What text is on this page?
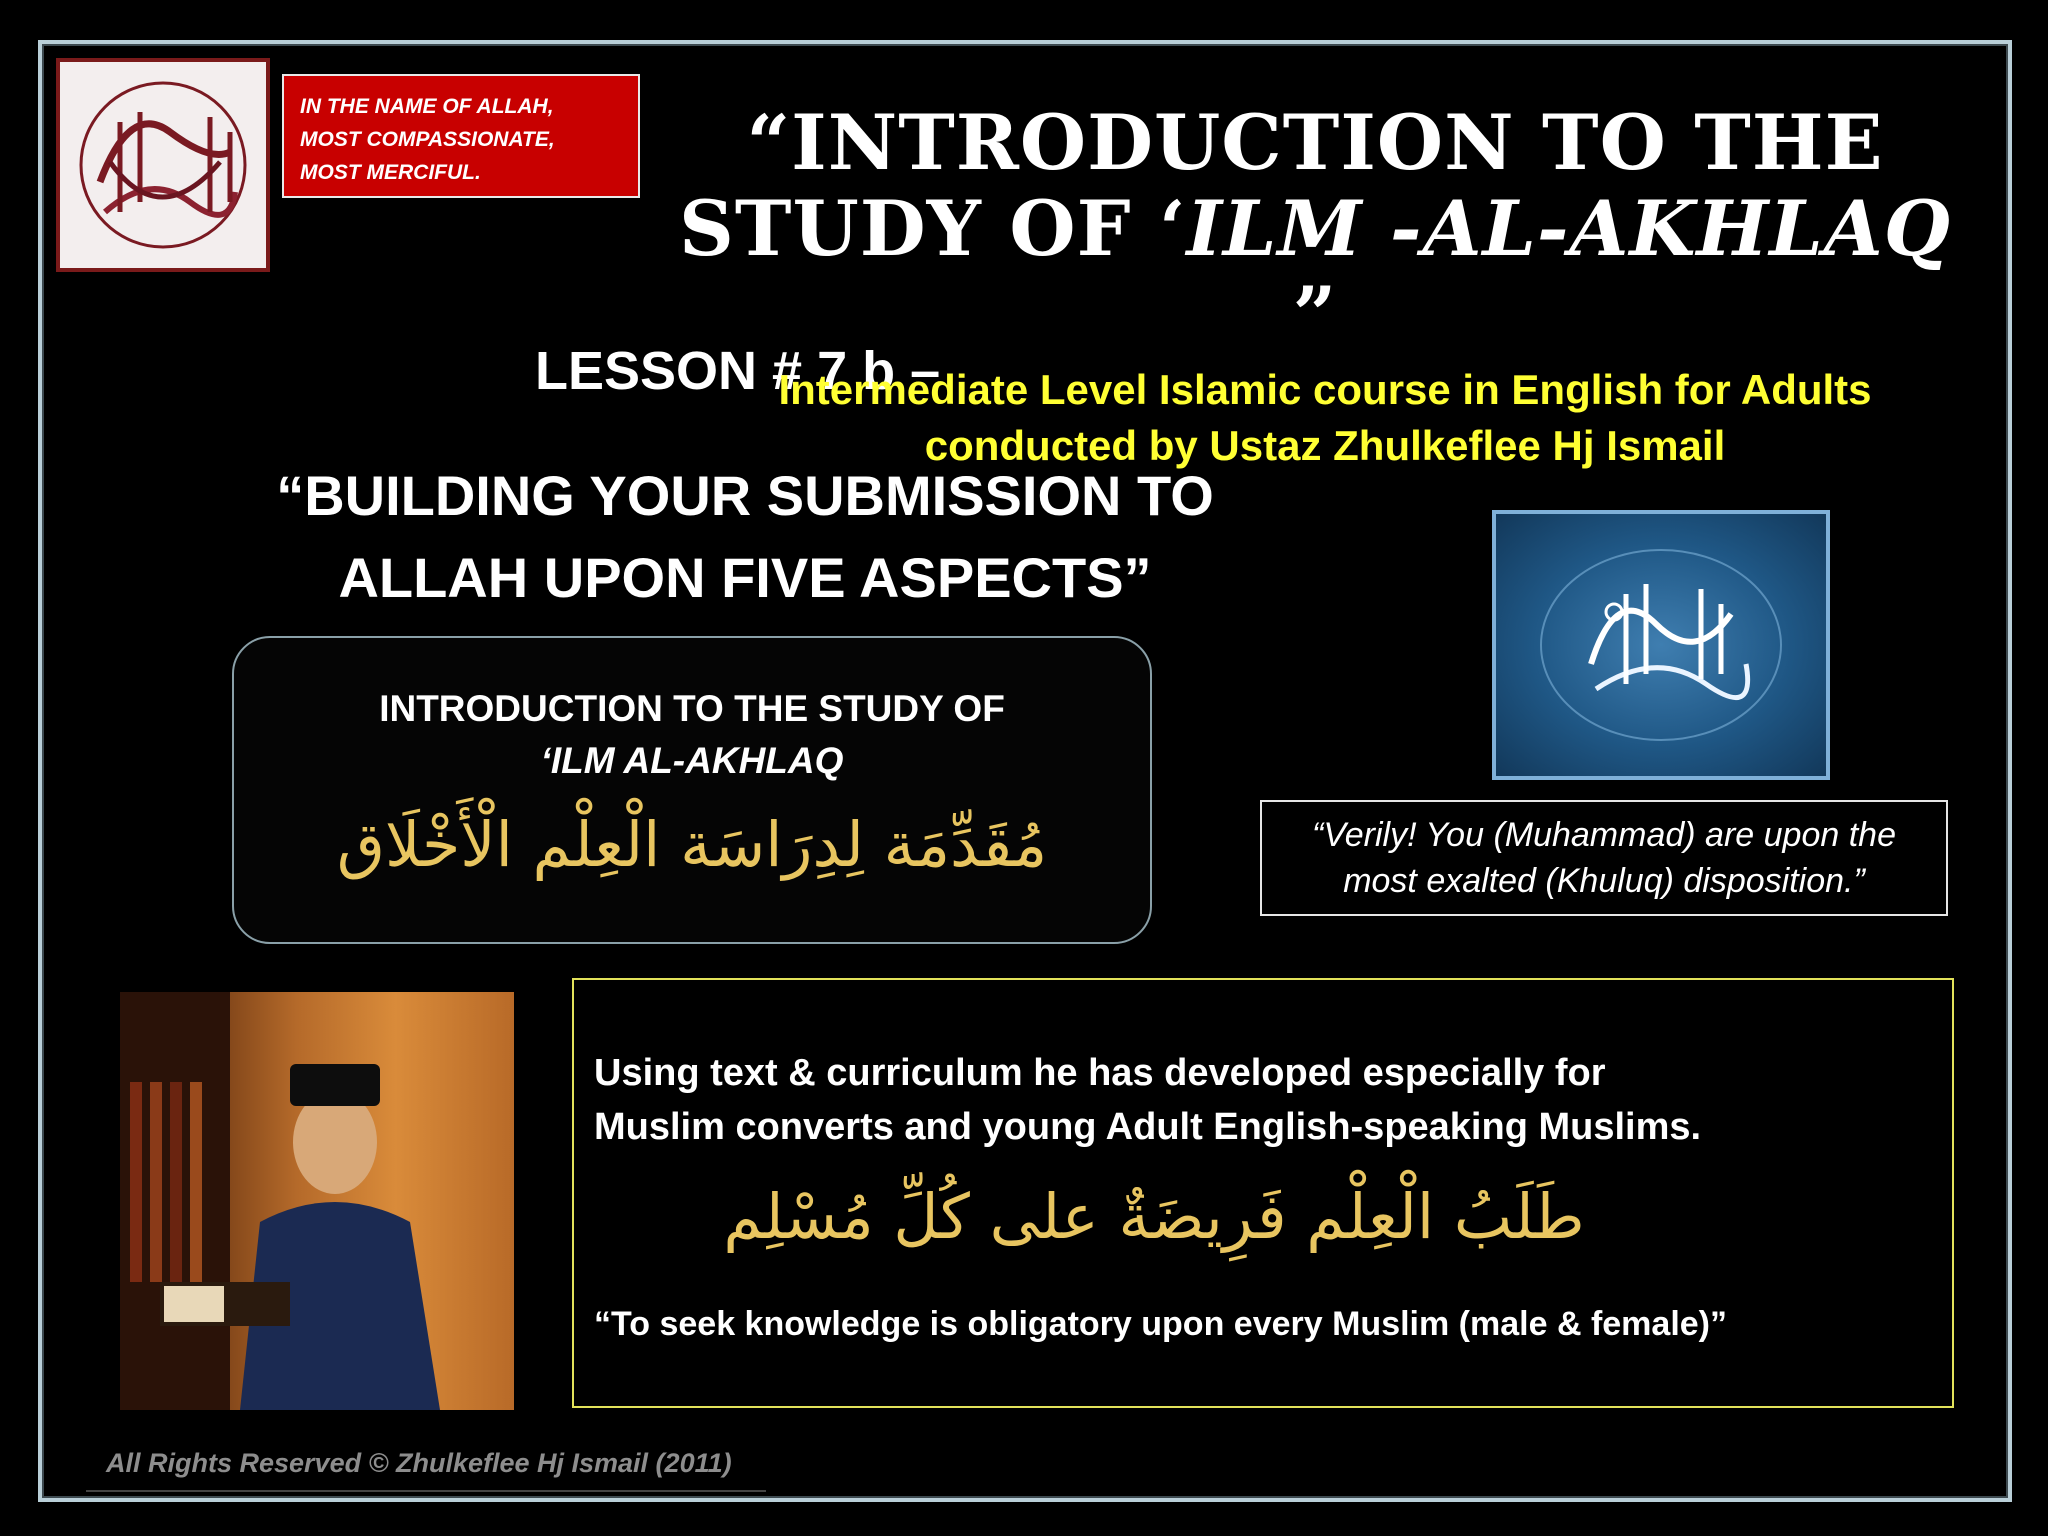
IN THE NAME OF ALLAH,
MOST COMPASSIONATE,
MOST MERCIFUL.	“INTRODUCTION TO THE
STUDY OF ‘ILM -AL-AKHLAQ
”
LESSON # 7 b –
Intermediate Level Islamic course in English for Adults
conducted by Ustaz Zhulkeflee Hj Ismail
“BUILDING YOUR SUBMISSION TO
ALLAH UPON FIVE ASPECTS”
INTRODUCTION TO THE STUDY OF
‘ILM AL-AKHLAQ
مُقَدِّمَة لِدِرَاسَة الْعِلْم الْأَخْلَاق	“Verily! You (Muhammad) are upon the
most exalted (Khuluq) disposition.”
Using text & curriculum he has developed especially for
Muslim converts and young Adult English-speaking Muslims.
طَلَبُ الْعِلْم فَرِيضَةٌ على كُلِّ مُسْلِم
“To seek knowledge is obligatory upon every Muslim (male & female)”
All Rights Reserved © Zhulkeflee Hj Ismail (2011)
